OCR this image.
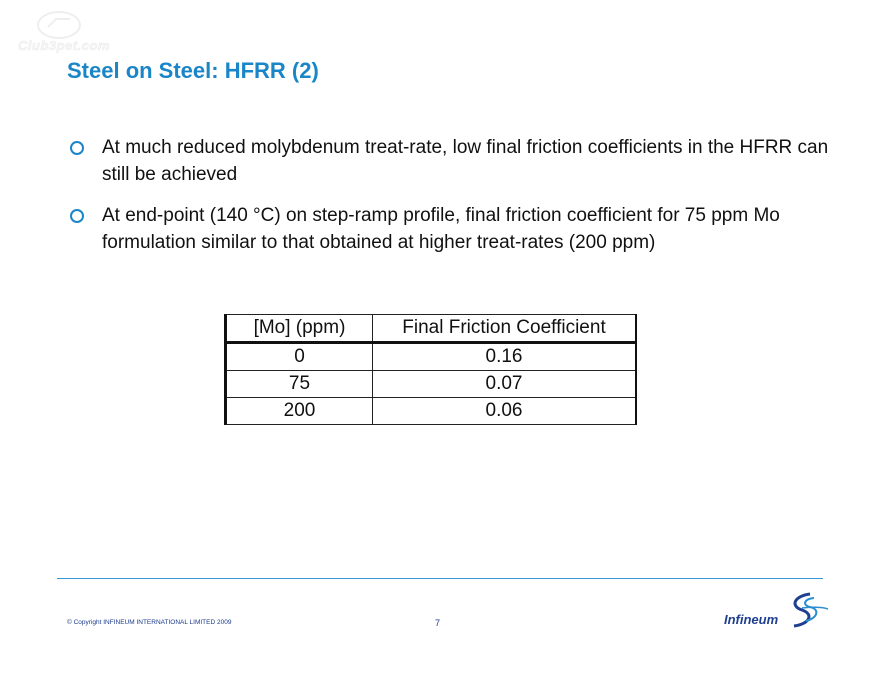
Club3pet.com
Steel on Steel: HFRR (2)
At much reduced molybdenum treat-rate, low final friction coefficients in the HFRR can still be achieved
At end-point (140 °C) on step-ramp profile, final friction coefficient for 75 ppm Mo formulation similar to that obtained at higher treat-rates (200 ppm)
[Mo] (ppm)	Final Friction Coefficient
0	0.16
75	0.07
200	0.06
© Copyright INFINEUM INTERNATIONAL LIMITED 2009	7	Infineum
